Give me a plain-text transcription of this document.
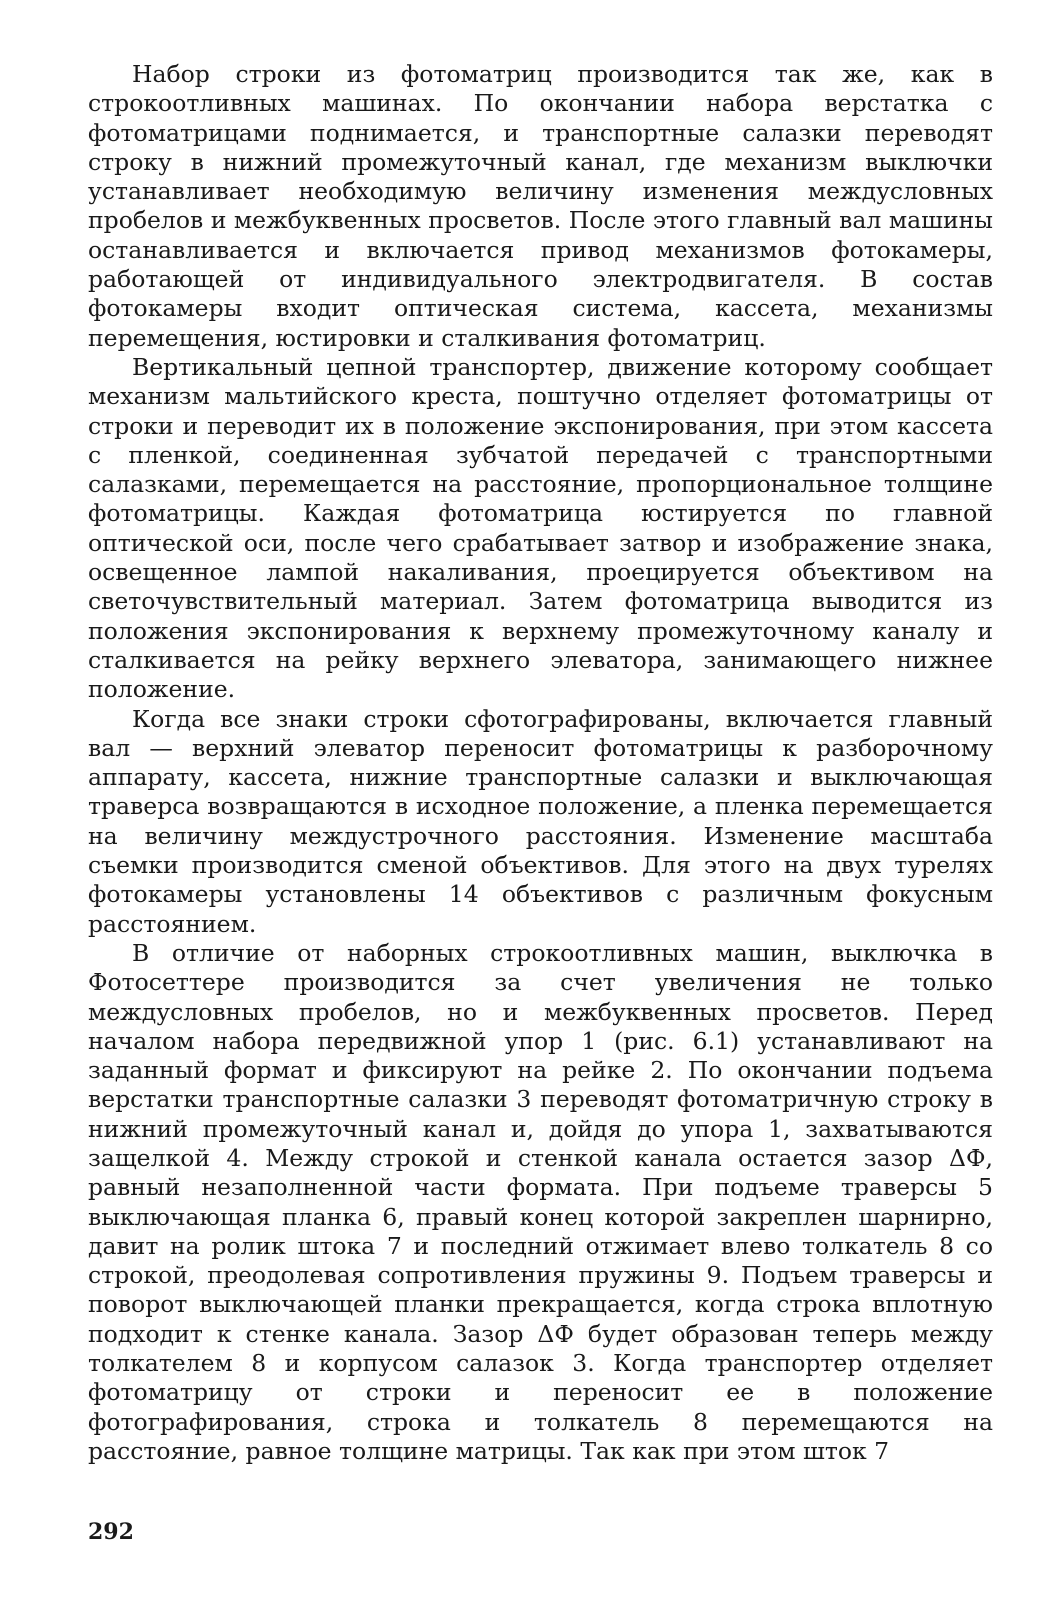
Набор строки из фотоматриц производится так же, как в строкоотливных машинах. По окончании набора верстатка с фотоматрицами поднимается, и транспортные салазки переводят строку в нижний промежуточный канал, где механизм выключки устанавливает необходимую величину изменения междусловных пробелов и межбуквенных просветов. После этого главный вал машины останавливается и включается привод механизмов фотокамеры, работающей от индивидуального электродвигателя. В состав фотокамеры входит оптическая система, кассета, механизмы перемещения, юстировки и сталкивания фотоматриц.

Вертикальный цепной транспортер, движение которому сообщает механизм мальтийского креста, поштучно отделяет фотоматрицы от строки и переводит их в положение экспонирования, при этом кассета с пленкой, соединенная зубчатой передачей с транспортными салазками, перемещается на расстояние, пропорциональное толщине фотоматрицы. Каждая фотоматрица юстируется по главной оптической оси, после чего срабатывает затвор и изображение знака, освещенное лампой накаливания, проецируется объективом на светочувствительный материал. Затем фотоматрица выводится из положения экспонирования к верхнему промежуточному каналу и сталкивается на рейку верхнего элеватора, занимающего нижнее положение.

Когда все знаки строки сфотографированы, включается главный вал — верхний элеватор переносит фотоматрицы к разборочному аппарату, кассета, нижние транспортные салазки и выключающая траверса возвращаются в исходное положение, а пленка перемещается на величину междустрочного расстояния. Изменение масштаба съемки производится сменой объективов. Для этого на двух турелях фотокамеры установлены 14 объективов с различным фокусным расстоянием.

В отличие от наборных строкоотливных машин, выключка в Фотосеттере производится за счет увеличения не только междусловных пробелов, но и межбуквенных просветов. Перед началом набора передвижной упор 1 (рис. 6.1) устанавливают на заданный формат и фиксируют на рейке 2. По окончании подъема верстатки транспортные салазки 3 переводят фотоматричную строку в нижний промежуточный канал и, дойдя до упора 1, захватываются защелкой 4. Между строкой и стенкой канала остается зазор ΔФ, равный незаполненной части формата. При подъеме траверсы 5 выключающая планка 6, правый конец которой закреплен шарнирно, давит на ролик штока 7 и последний отжимает влево толкатель 8 со строкой, преодолевая сопротивления пружины 9. Подъем траверсы и поворот выключающей планки прекращается, когда строка вплотную подходит к стенке канала. Зазор ΔФ будет образован теперь между толкателем 8 и корпусом салазок 3. Когда транспортер отделяет фотоматрицу от строки и переносит ее в положение фотографирования, строка и толкатель 8 перемещаются на расстояние, равное толщине матрицы. Так как при этом шток 7

292
